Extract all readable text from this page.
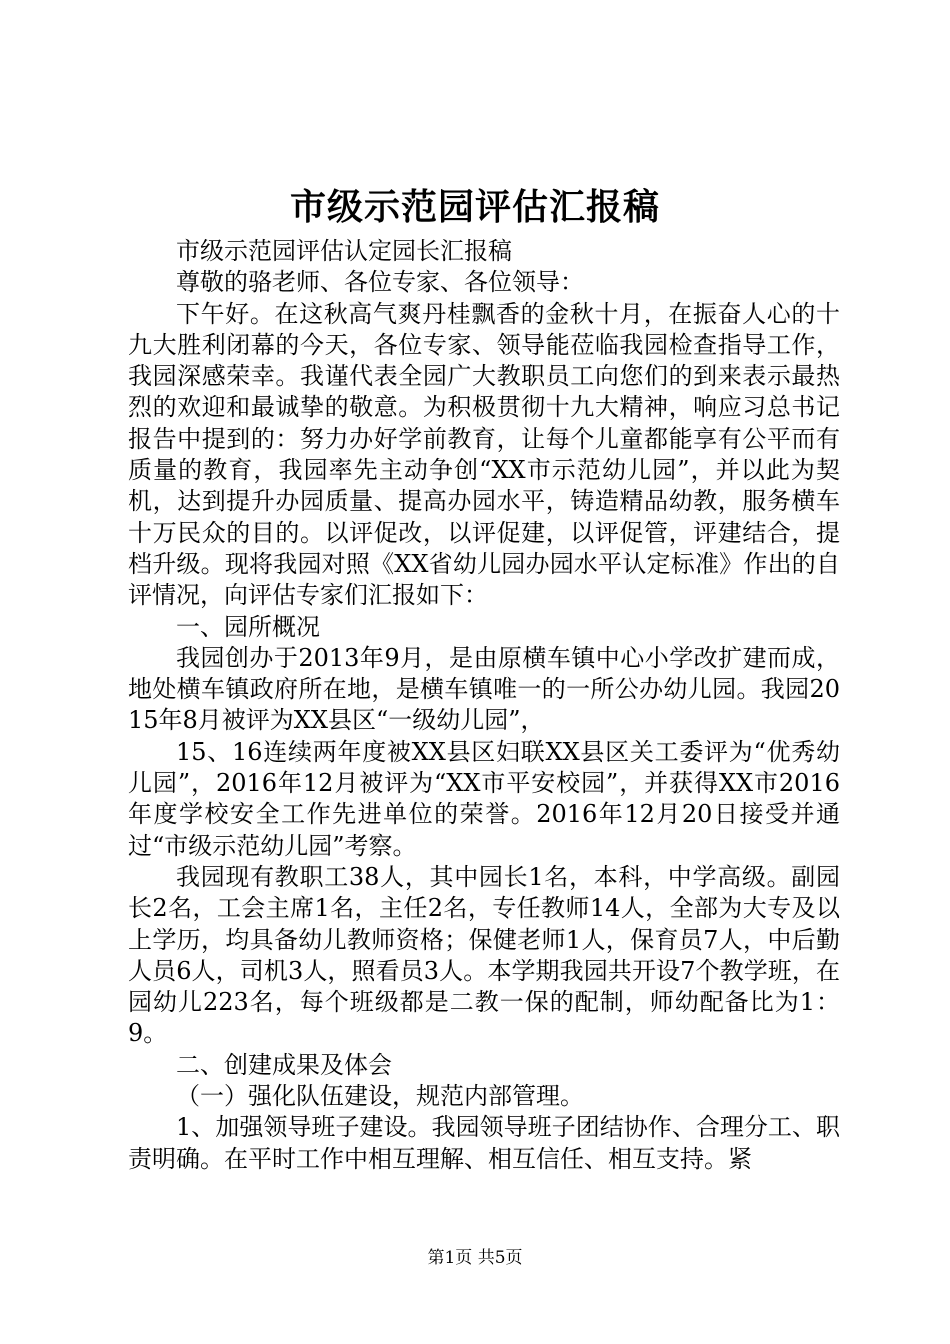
市级示范园评估汇报稿

市级示范园评估认定园长汇报稿

尊敬的骆老师、各位专家、各位领导：

下午好。在这秋高气爽丹桂飘香的金秋十月，在振奋人心的十九大胜利闭幕的今天，各位专家、领导能莅临我园检查指导工作，我园深感荣幸。我谨代表全园广大教职员工向您们的到来表示最热烈的欢迎和最诚挚的敬意。为积极贯彻十九大精神，响应习总书记报告中提到的：努力办好学前教育，让每个儿童都能享有公平而有质量的教育，我园率先主动争创“XX市示范幼儿园”，并以此为契机，达到提升办园质量、提高办园水平，铸造精品幼教，服务横车十万民众的目的。以评促改，以评促建，以评促管，评建结合，提档升级。现将我园对照《XX省幼儿园办园水平认定标准》作出的自评情况，向评估专家们汇报如下：

一、园所概况

我园创办于2013年9月，是由原横车镇中心小学改扩建而成，地处横车镇政府所在地，是横车镇唯一的一所公办幼儿园。我园2015年8月被评为XX县区“一级幼儿园”，

15、16连续两年度被XX县区妇联XX县区关工委评为“优秀幼儿园”，2016年12月被评为“XX市平安校园”，并获得XX市2016年度学校安全工作先进单位的荣誉。2016年12月20日接受并通过“市级示范幼儿园”考察。

我园现有教职工38人，其中园长1名，本科，中学高级。副园长2名，工会主席1名，主任2名，专任教师14人，全部为大专及以上学历，均具备幼儿教师资格；保健老师1人，保育员7人，中后勤人员6人，司机3人，照看员3人。本学期我园共开设7个教学班，在园幼儿223名，每个班级都是二教一保的配制，师幼配备比为1：9。

二、创建成果及体会

（一）强化队伍建设，规范内部管理。

1、加强领导班子建设。我园领导班子团结协作、合理分工、职责明确。在平时工作中相互理解、相互信任、相互支持。紧

第1页 共5页
